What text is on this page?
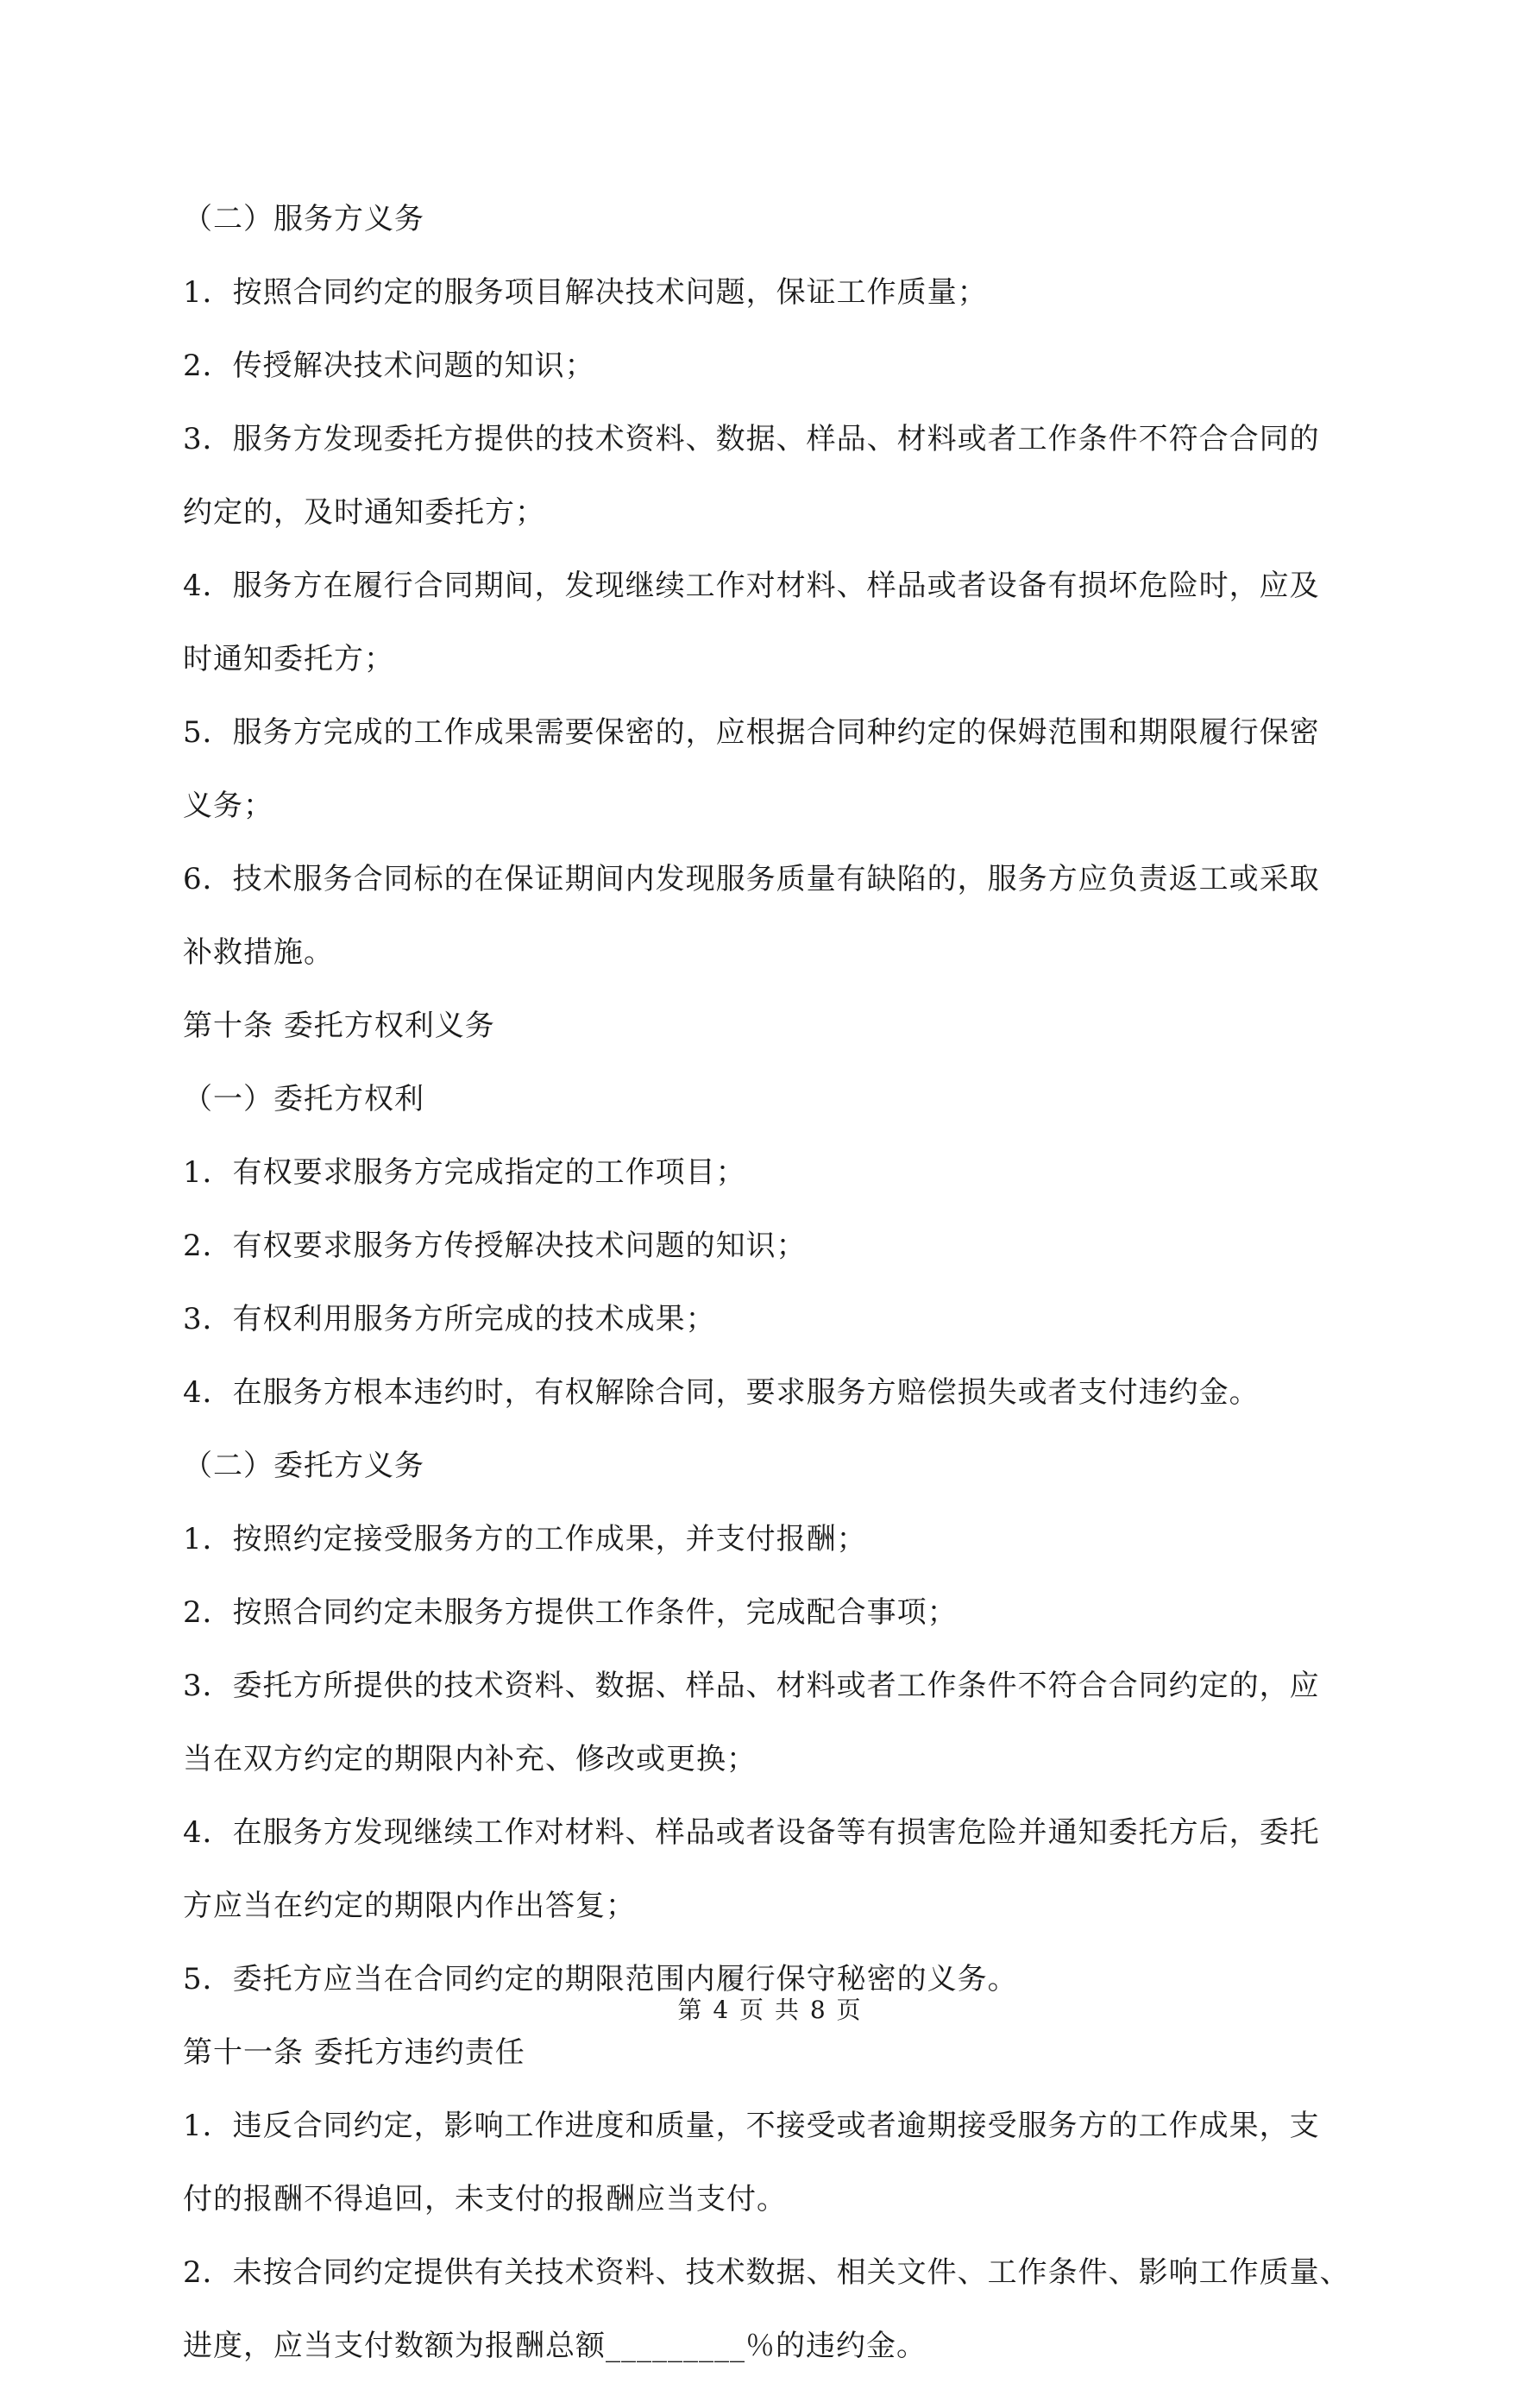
（二）服务方义务
1．按照合同约定的服务项目解决技术问题，保证工作质量；
2．传授解决技术问题的知识；
3．服务方发现委托方提供的技术资料、数据、样品、材料或者工作条件不符合合同的
约定的，及时通知委托方；
4．服务方在履行合同期间，发现继续工作对材料、样品或者设备有损坏危险时，应及
时通知委托方；
5．服务方完成的工作成果需要保密的，应根据合同种约定的保姆范围和期限履行保密
义务；
6．技术服务合同标的在保证期间内发现服务质量有缺陷的，服务方应负责返工或采取
补救措施。
第十条 委托方权利义务
（一）委托方权利
1．有权要求服务方完成指定的工作项目；
2．有权要求服务方传授解决技术问题的知识；
3．有权利用服务方所完成的技术成果；
4．在服务方根本违约时，有权解除合同，要求服务方赔偿损失或者支付违约金。
（二）委托方义务
1．按照约定接受服务方的工作成果，并支付报酬；
2．按照合同约定未服务方提供工作条件，完成配合事项；
3．委托方所提供的技术资料、数据、样品、材料或者工作条件不符合合同约定的，应
当在双方约定的期限内补充、修改或更换；
4．在服务方发现继续工作对材料、样品或者设备等有损害危险并通知委托方后，委托
方应当在约定的期限内作出答复；
5．委托方应当在合同约定的期限范围内履行保守秘密的义务。
第十一条 委托方违约责任
1．违反合同约定，影响工作进度和质量，不接受或者逾期接受服务方的工作成果，支
付的报酬不得追回，未支付的报酬应当支付。
2．未按合同约定提供有关技术资料、技术数据、相关文件、工作条件、影响工作质量、
进度，应当支付数额为报酬总额_________％的违约金。
第 4 页 共 8 页
